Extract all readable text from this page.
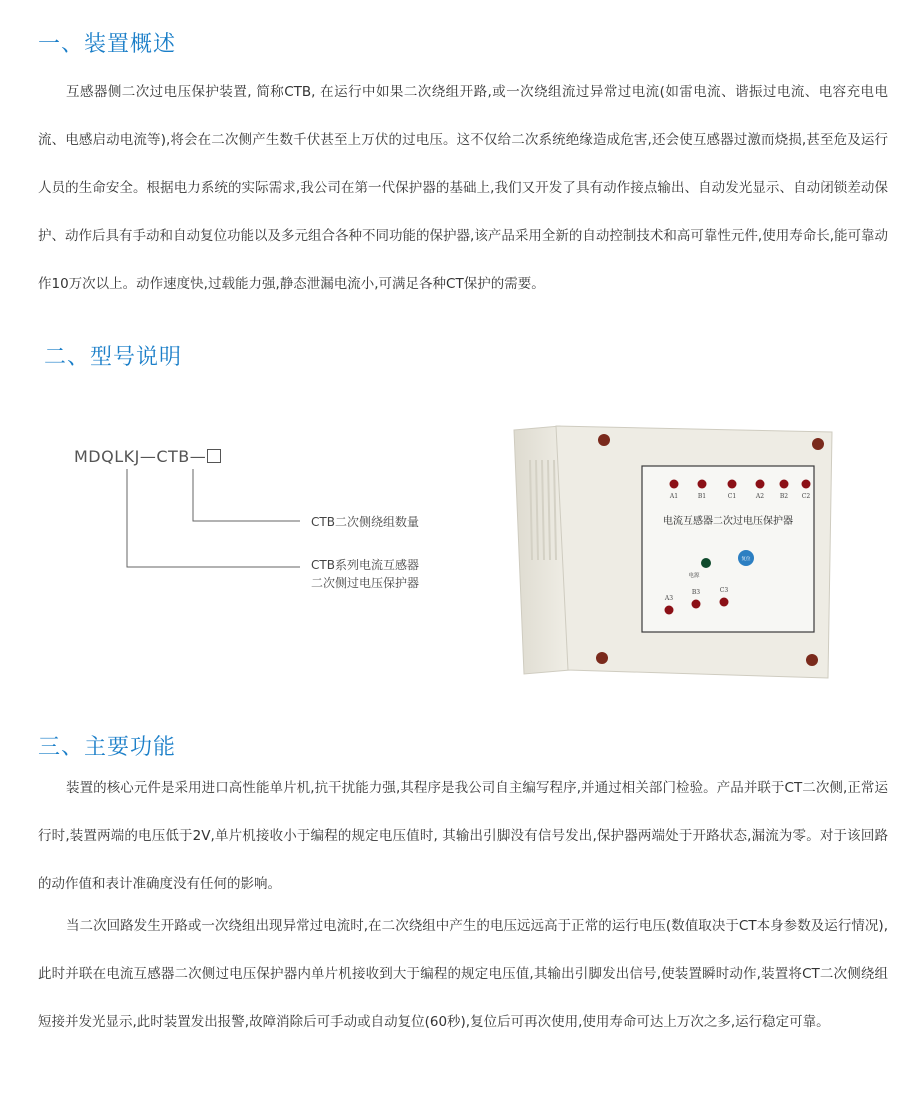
一、装置概述

互感器侧二次过电压保护装置, 简称CTB, 在运行中如果二次绕组开路,或一次绕组流过异常过电流(如雷电流、谐振过电流、电容充电电流、电感启动电流等),将会在二次侧产生数千伏甚至上万伏的过电压。这不仅给二次系统绝缘造成危害,还会使互感器过激而烧损,甚至危及运行人员的生命安全。根据电力系统的实际需求,我公司在第一代保护器的基础上,我们又开发了具有动作接点输出、自动发光显示、自动闭锁差动保护、动作后具有手动和自动复位功能以及多元组合各种不同功能的保护器,该产品采用全新的自动控制技术和高可靠性元件,使用寿命长,能可靠动作10万次以上。动作速度快,过载能力强,静态泄漏电流小,可满足各种CT保护的需要。

二、型号说明
MDQLKJ—CTB—

CTB二次侧绕组数量

CTB系列电流互感器

二次侧过电压保护器

A1	B1	C1	A2	B2 C2
电流互感器二次过电压保护器
电源
复位
A3
B3	C3
三、主要功能

装置的核心元件是采用进口高性能单片机,抗干扰能力强,其程序是我公司自主编写程序,并通过相关部门检验。产品并联于CT二次侧,正常运行时,装置两端的电压低于2V,单片机接收小于编程的规定电压值时, 其输出引脚没有信号发出,保护器两端处于开路状态,漏流为零。对于该回路的动作值和表计准确度没有任何的影响。

当二次回路发生开路或一次绕组出现异常过电流时,在二次绕组中产生的电压远远高于正常的运行电压(数值取决于CT本身参数及运行情况),此时并联在电流互感器二次侧过电压保护器内单片机接收到大于编程的规定电压值,其输出引脚发出信号,使装置瞬时动作,装置将CT二次侧绕组短接并发光显示,此时装置发出报警,故障消除后可手动或自动复位(60秒),复位后可再次使用,使用寿命可达上万次之多,运行稳定可靠。
